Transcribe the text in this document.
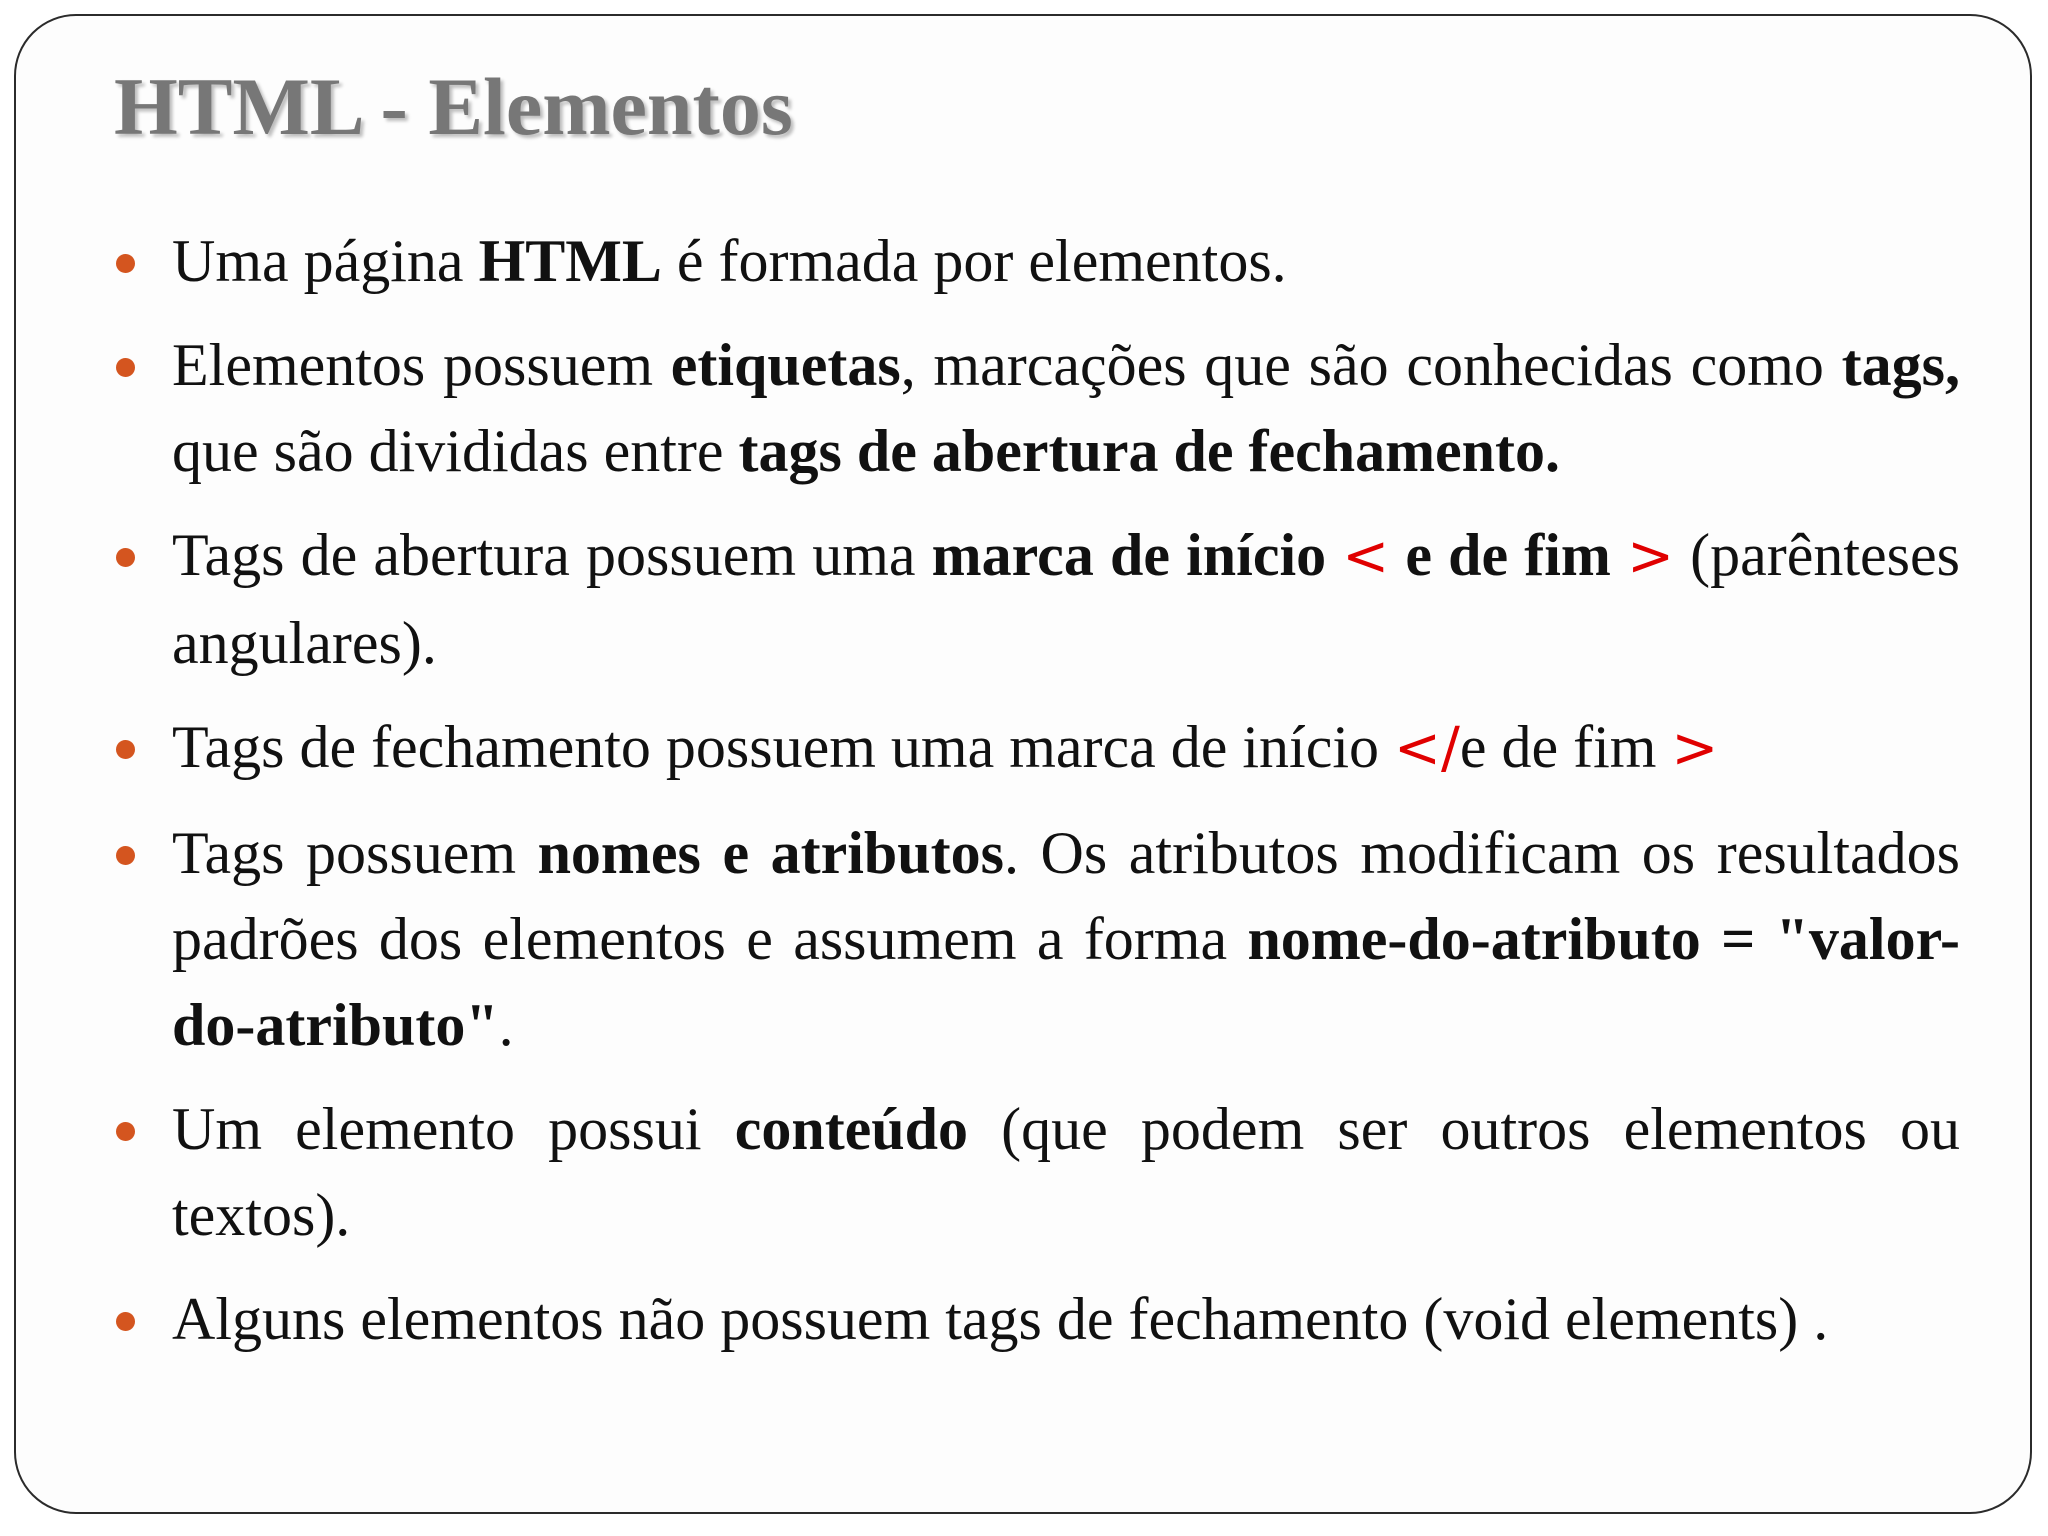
HTML - Elementos
Uma página HTML é formada por elementos.
Elementos possuem etiquetas, marcações que são conhecidas como tags, que são divididas entre tags de abertura de fechamento.
Tags de abertura possuem uma marca de início < e de fim > (parênteses angulares).
Tags de fechamento possuem uma marca de início </e de fim >
Tags possuem nomes e atributos. Os atributos modificam os resultados padrões dos elementos e assumem a forma nome-do-atributo = "valor-do-atributo".
Um elemento possui conteúdo (que podem ser outros elementos ou textos).
Alguns elementos não possuem tags de fechamento (void elements) .
